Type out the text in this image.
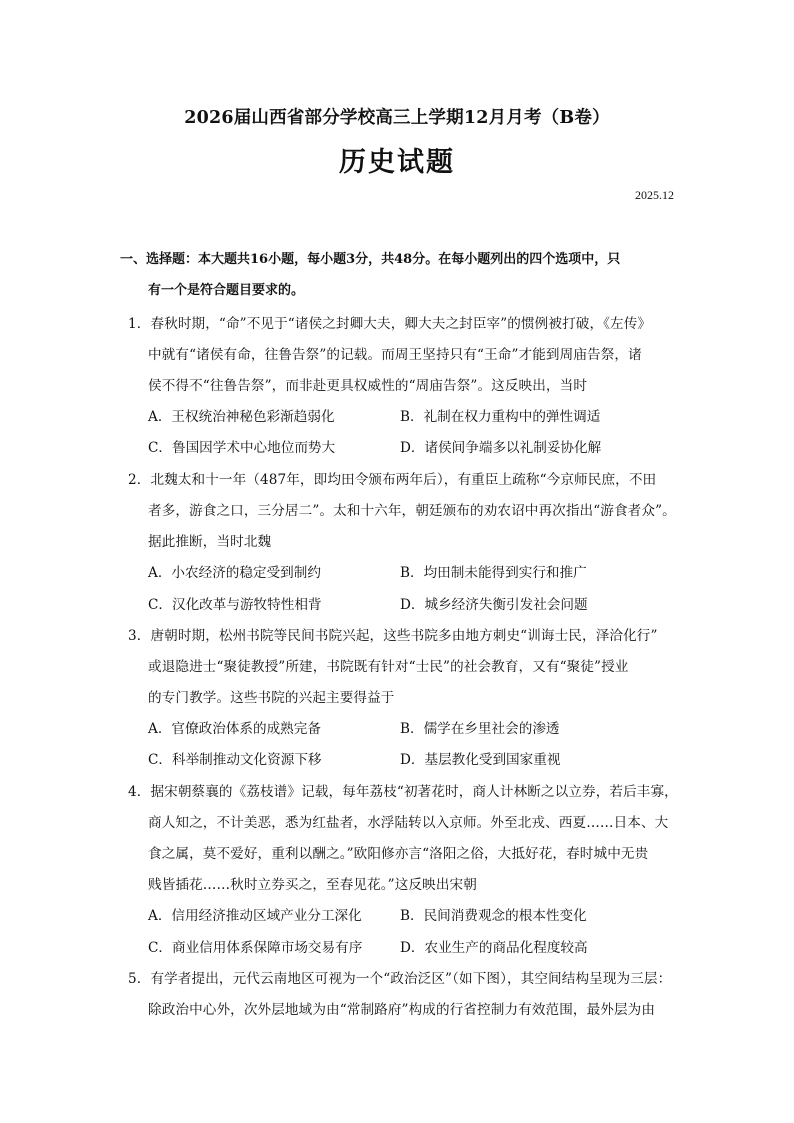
2026届山西省部分学校高三上学期12月月考（B卷）
历史试题
2025.12
一、选择题：本大题共16小题，每小题3分，共48分。在每小题列出的四个选项中，只
有一个是符合题目要求的。
1．春秋时期，“命”不见于“诸侯之封卿大夫，卿大夫之封臣宰”的惯例被打破，《左传》
中就有“诸侯有命，往鲁告祭”的记载。而周王坚持只有“王命”才能到周庙告祭，诸
侯不得不“往鲁告祭”，而非赴更具权威性的“周庙告祭”。这反映出，当时
A．王权统治神秘色彩渐趋弱化	B．礼制在权力重构中的弹性调适
C．鲁国因学术中心地位而势大	D．诸侯间争端多以礼制妥协化解
2．北魏太和十一年（487年，即均田令颁布两年后），有重臣上疏称“今京师民庶，不田
者多，游食之口，三分居二”。太和十六年，朝廷颁布的劝农诏中再次指出“游食者众”。
据此推断，当时北魏
A．小农经济的稳定受到制约	B．均田制未能得到实行和推广
C．汉化改革与游牧特性相背	D．城乡经济失衡引发社会问题
3．唐朝时期，松州书院等民间书院兴起，这些书院多由地方刺史“训诲士民，泽洽化行”
或退隐进士“聚徒教授”所建，书院既有针对“士民”的社会教育，又有“聚徒”授业
的专门教学。这些书院的兴起主要得益于
A．官僚政治体系的成熟完备	B．儒学在乡里社会的渗透
C．科举制推动文化资源下移	D．基层教化受到国家重视
4．据宋朝蔡襄的《荔枝谱》记载，每年荔枝“初著花时，商人计林断之以立券，若后丰寡，
商人知之，不计美恶，悉为红盐者，水浮陆转以入京师。外至北戎、西夏……日本、大
食之属，莫不爱好，重利以酬之。”欧阳修亦言“洛阳之俗，大抵好花，春时城中无贵
贱皆插花……秋时立券买之，至春见花。”这反映出宋朝
A．信用经济推动区域产业分工深化	B．民间消费观念的根本性变化
C．商业信用体系保障市场交易有序	D．农业生产的商品化程度较高
5．有学者提出，元代云南地区可视为一个“政治泛区”（如下图），其空间结构呈现为三层：
除政治中心外，次外层地域为由“常制路府”构成的行省控制力有效范围，最外层为由
